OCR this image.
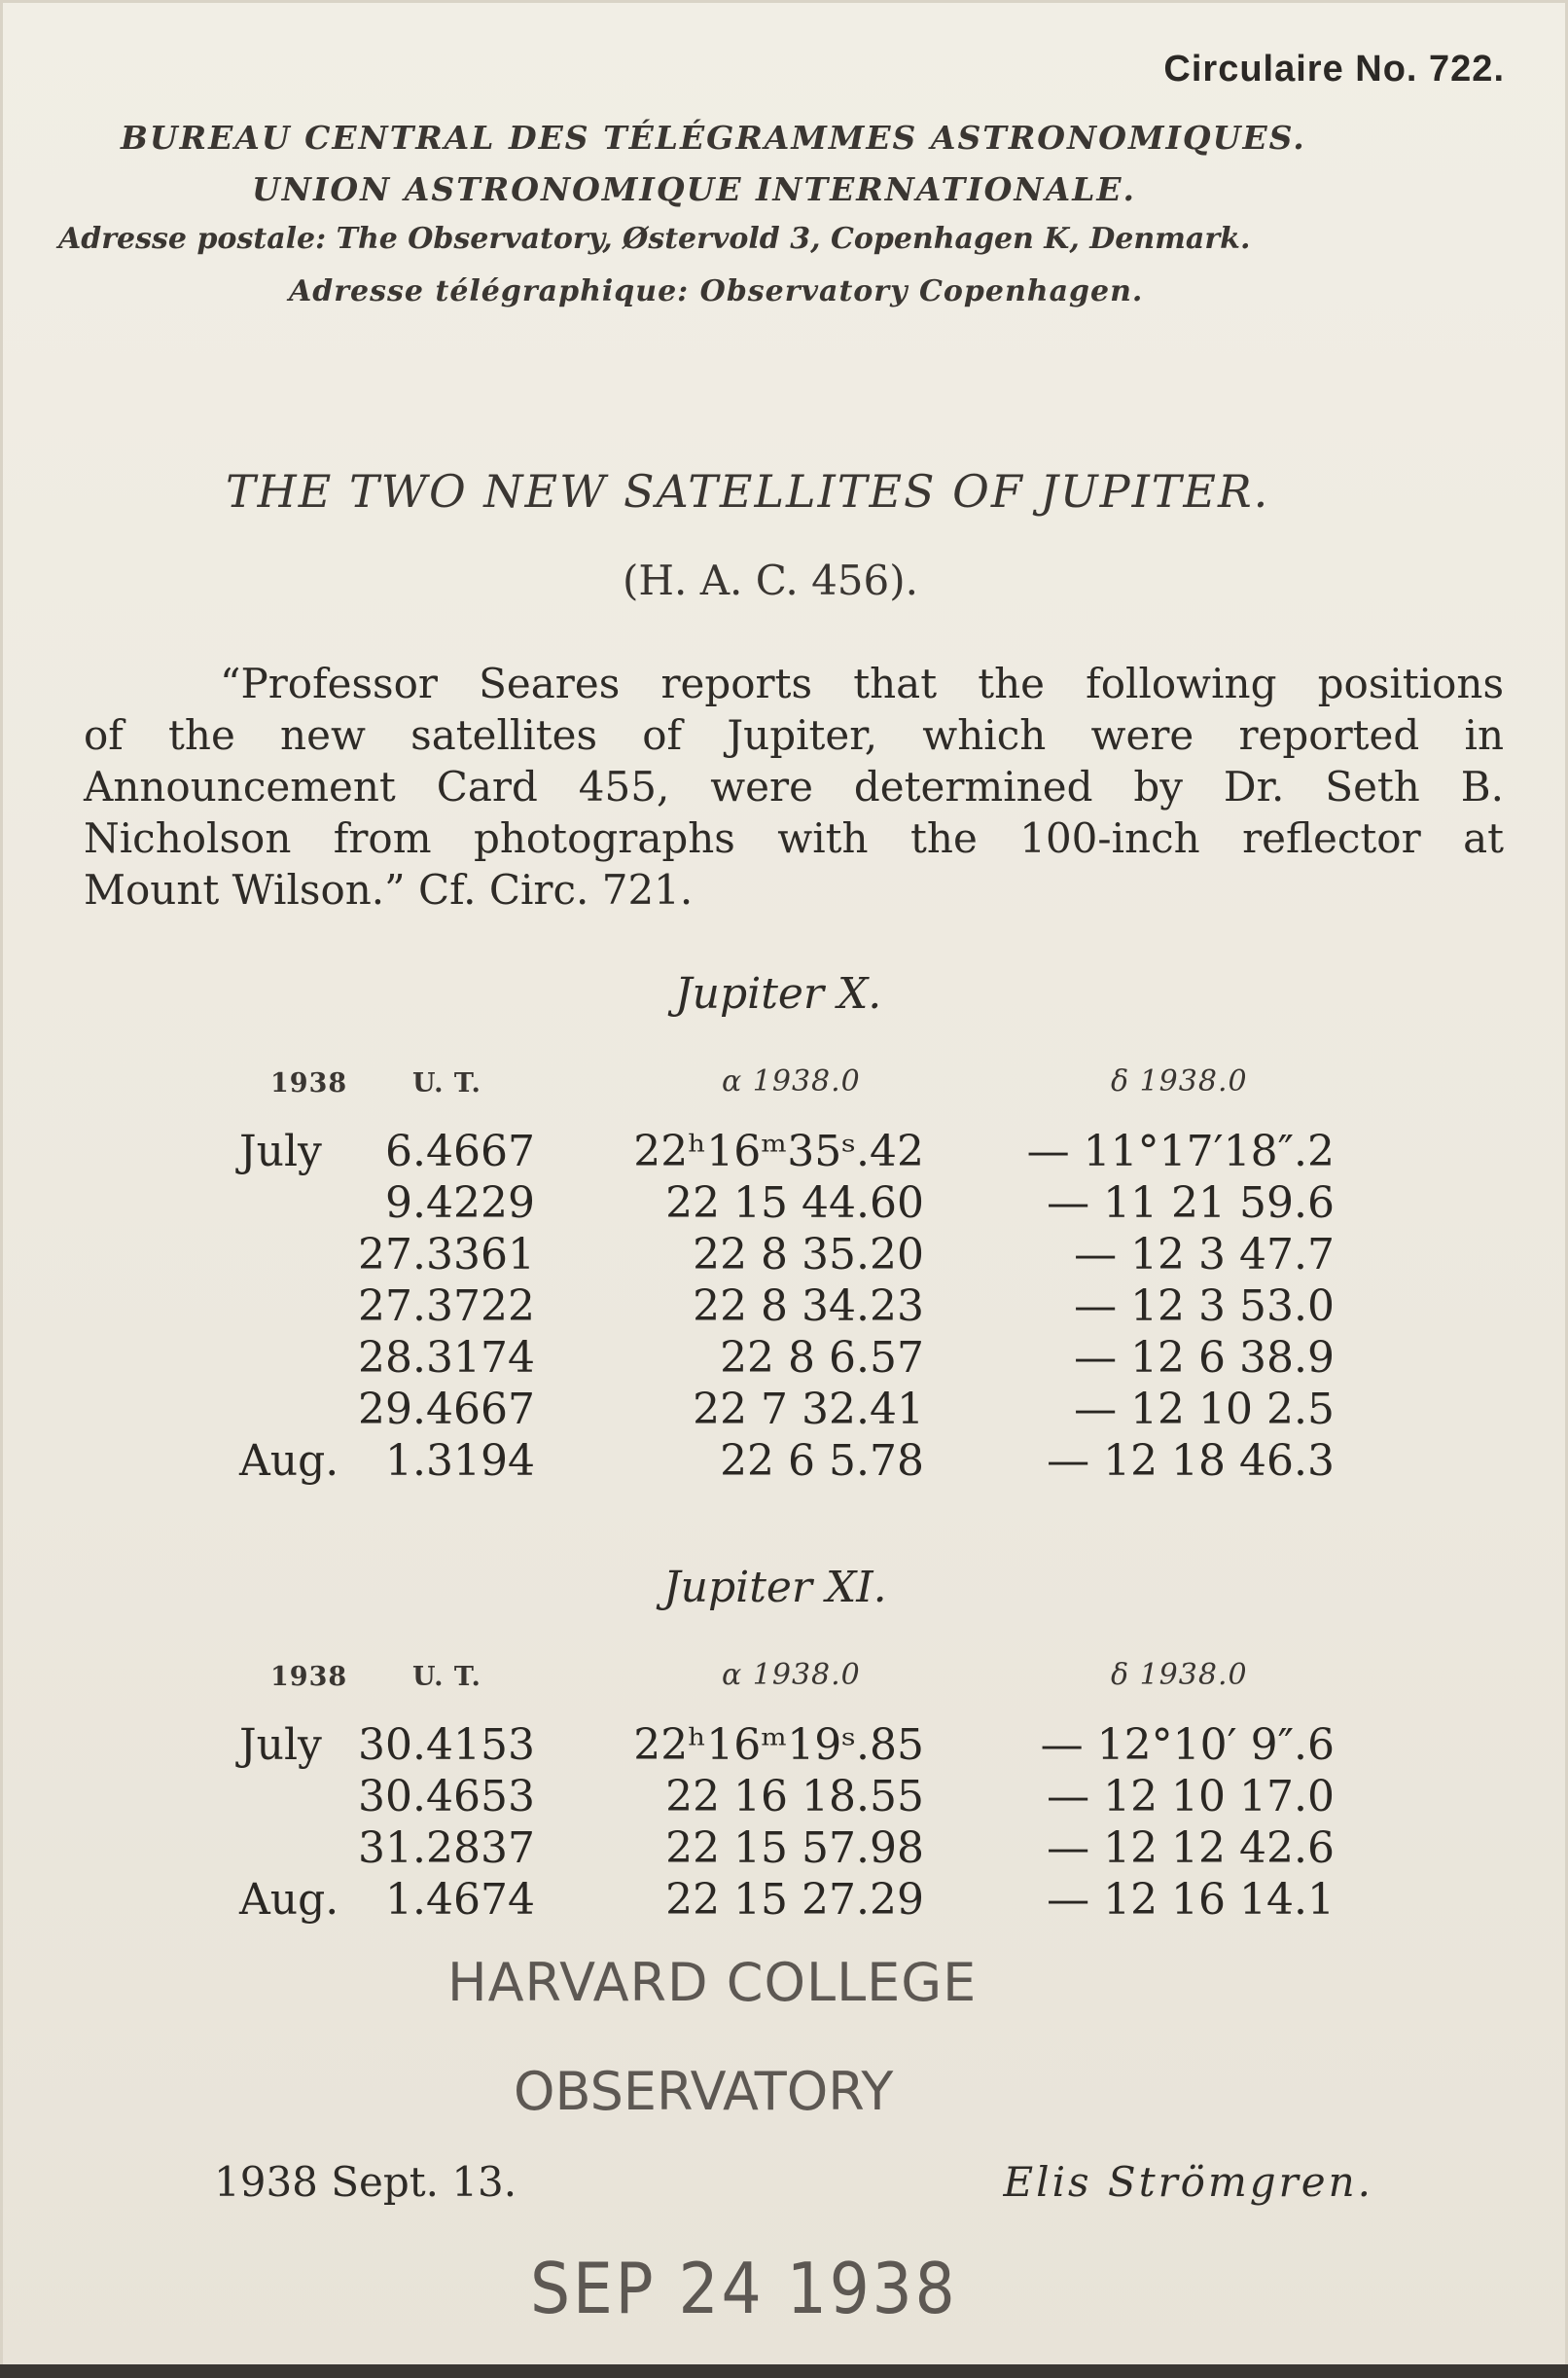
Circulaire No. 722.
BUREAU CENTRAL DES TÉLÉGRAMMES ASTRONOMIQUES.
UNION ASTRONOMIQUE INTERNATIONALE.
Adresse postale: The Observatory, Østervold 3, Copenhagen K, Denmark.
Adresse télégraphique: Observatory Copenhagen.
THE TWO NEW SATELLITES OF JUPITER.
(H. A. C. 456).
“Professor Seares reports that the following positions
of the new satellites of Jupiter, which were reported in
Announcement Card 455, were determined by Dr. Seth B.
Nicholson from photographs with the 100-inch reflector at
Mount Wilson.” Cf. Circ. 721.
Jupiter X.
1938 U. T.	α 1938.0	δ 1938.0
July 6.4667 22ʰ16ᵐ35ˢ.42 — 11°17′18″.2
9.4229	22 15 44.60	— 11 21 59.6
27.3361	22 8 35.20	— 12 3 47.7
27.3722	22 8 34.23	— 12 3 53.0
28.3174	22 8 6.57	— 12 6 38.9
29.4667	22 7 32.41	— 12 10 2.5
Aug. 1.3194	22 6 5.78	— 12 18 46.3
Jupiter XI.
1938 U. T.	α 1938.0	δ 1938.0
July 30.4153 22ʰ16ᵐ19ˢ.85	— 12°10′ 9″.6
30.4653	22 16 18.55	— 12 10 17.0
31.2837	22 15 57.98	— 12 12 42.6
Aug. 1.4674	22 15 27.29	— 12 16 14.1
HARVARD COLLEGE
OBSERVATORY
1938 Sept. 13.	Elis Strömgren.
SEP 24 1938
